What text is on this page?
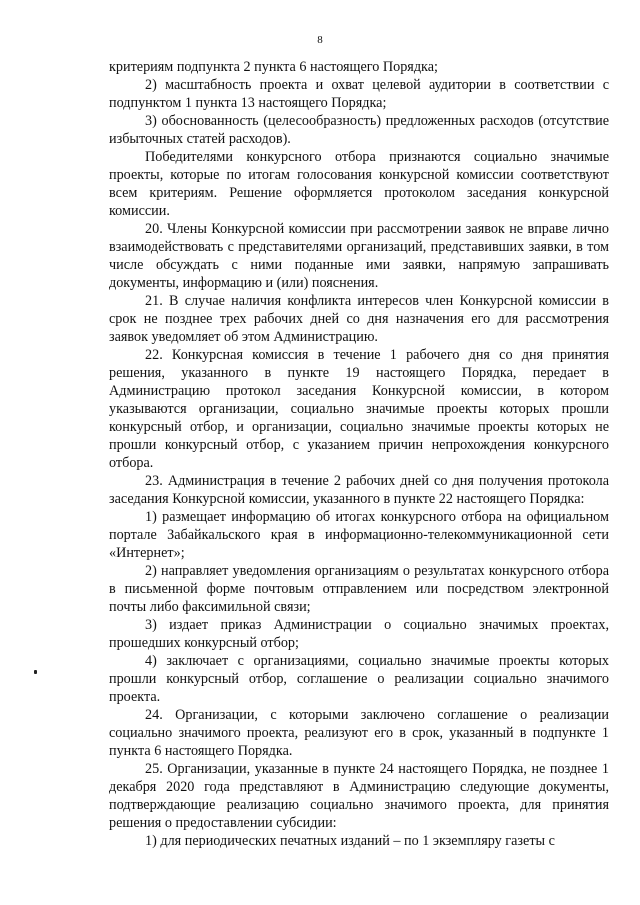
8

критериям подпункта 2 пункта 6 настоящего Порядка;

2) масштабность проекта и охват целевой аудитории в соответствии с подпунктом 1 пункта 13 настоящего Порядка;

3) обоснованность (целесообразность) предложенных расходов (отсутствие избыточных статей расходов).

Победителями конкурсного отбора признаются социально значимые проекты, которые по итогам голосования конкурсной комиссии соответствуют всем критериям. Решение оформляется протоколом заседания конкурсной комиссии.

20. Члены Конкурсной комиссии при рассмотрении заявок не вправе лично взаимодействовать с представителями организаций, представивших заявки, в том числе обсуждать с ними поданные ими заявки, напрямую запрашивать документы, информацию и (или) пояснения.

21. В случае наличия конфликта интересов член Конкурсной комиссии в срок не позднее трех рабочих дней со дня назначения его для рассмотрения заявок уведомляет об этом Администрацию.

22. Конкурсная комиссия в течение 1 рабочего дня со дня принятия решения, указанного в пункте 19 настоящего Порядка, передает в Администрацию протокол заседания Конкурсной комиссии, в котором указываются организации, социально значимые проекты которых прошли конкурсный отбор, и организации, социально значимые проекты которых не прошли конкурсный отбор, с указанием причин непрохождения конкурсного отбора.

23. Администрация в течение 2 рабочих дней со дня получения протокола заседания Конкурсной комиссии, указанного в пункте 22 настоящего Порядка:

1) размещает информацию об итогах конкурсного отбора на официальном портале Забайкальского края в информационно-телекоммуникационной сети «Интернет»;

2) направляет уведомления организациям о результатах конкурсного отбора в письменной форме почтовым отправлением или посредством электронной почты либо факсимильной связи;

3) издает приказ Администрации о социально значимых проектах, прошедших конкурсный отбор;

4) заключает с организациями, социально значимые проекты которых прошли конкурсный отбор, соглашение о реализации социально значимого проекта.

24. Организации, с которыми заключено соглашение о реализации социально значимого проекта, реализуют его в срок, указанный в подпункте 1 пункта 6 настоящего Порядка.

25. Организации, указанные в пункте 24 настоящего Порядка, не позднее 1 декабря 2020 года представляют в Администрацию следующие документы, подтверждающие реализацию социально значимого проекта, для принятия решения о предоставлении субсидии:

1) для периодических печатных изданий – по 1 экземпляру газеты с
